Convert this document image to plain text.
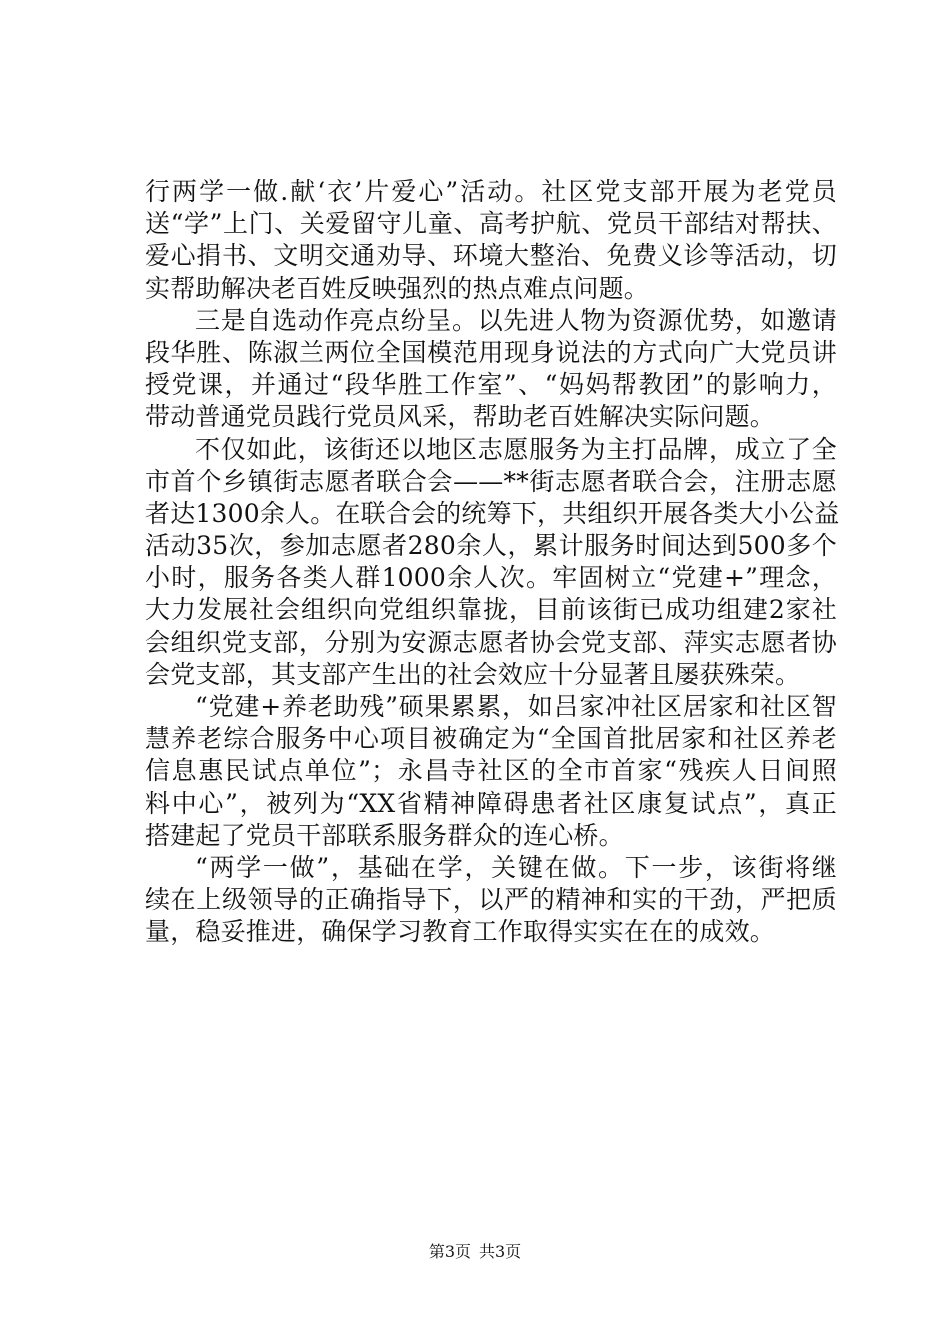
行两学一做.献‘衣’片爱心”活动。社区党支部开展为老党员
送“学”上门、关爱留守儿童、高考护航、党员干部结对帮扶、
爱心捐书、文明交通劝导、环境大整治、免费义诊等活动，切
实帮助解决老百姓反映强烈的热点难点问题。
三是自选动作亮点纷呈。以先进人物为资源优势，如邀请
段华胜、陈淑兰两位全国模范用现身说法的方式向广大党员讲
授党课，并通过“段华胜工作室”、“妈妈帮教团”的影响力，
带动普通党员践行党员风采，帮助老百姓解决实际问题。
不仅如此，该街还以地区志愿服务为主打品牌，成立了全
市首个乡镇街志愿者联合会——**街志愿者联合会，注册志愿
者达1300余人。在联合会的统筹下，共组织开展各类大小公益
活动35次，参加志愿者280余人，累计服务时间达到500多个
小时，服务各类人群1000余人次。牢固树立“党建+”理念，
大力发展社会组织向党组织靠拢，目前该街已成功组建2家社
会组织党支部，分别为安源志愿者协会党支部、萍实志愿者协
会党支部，其支部产生出的社会效应十分显著且屡获殊荣。
“党建+养老助残”硕果累累，如吕家冲社区居家和社区智
慧养老综合服务中心项目被确定为“全国首批居家和社区养老
信息惠民试点单位”；永昌寺社区的全市首家“残疾人日间照
料中心”，被列为“XX省精神障碍患者社区康复试点”，真正
搭建起了党员干部联系服务群众的连心桥。
“两学一做”，基础在学，关键在做。下一步，该街将继
续在上级领导的正确指导下，以严的精神和实的干劲，严把质
量，稳妥推进，确保学习教育工作取得实实在在的成效。
第3页 共3页
